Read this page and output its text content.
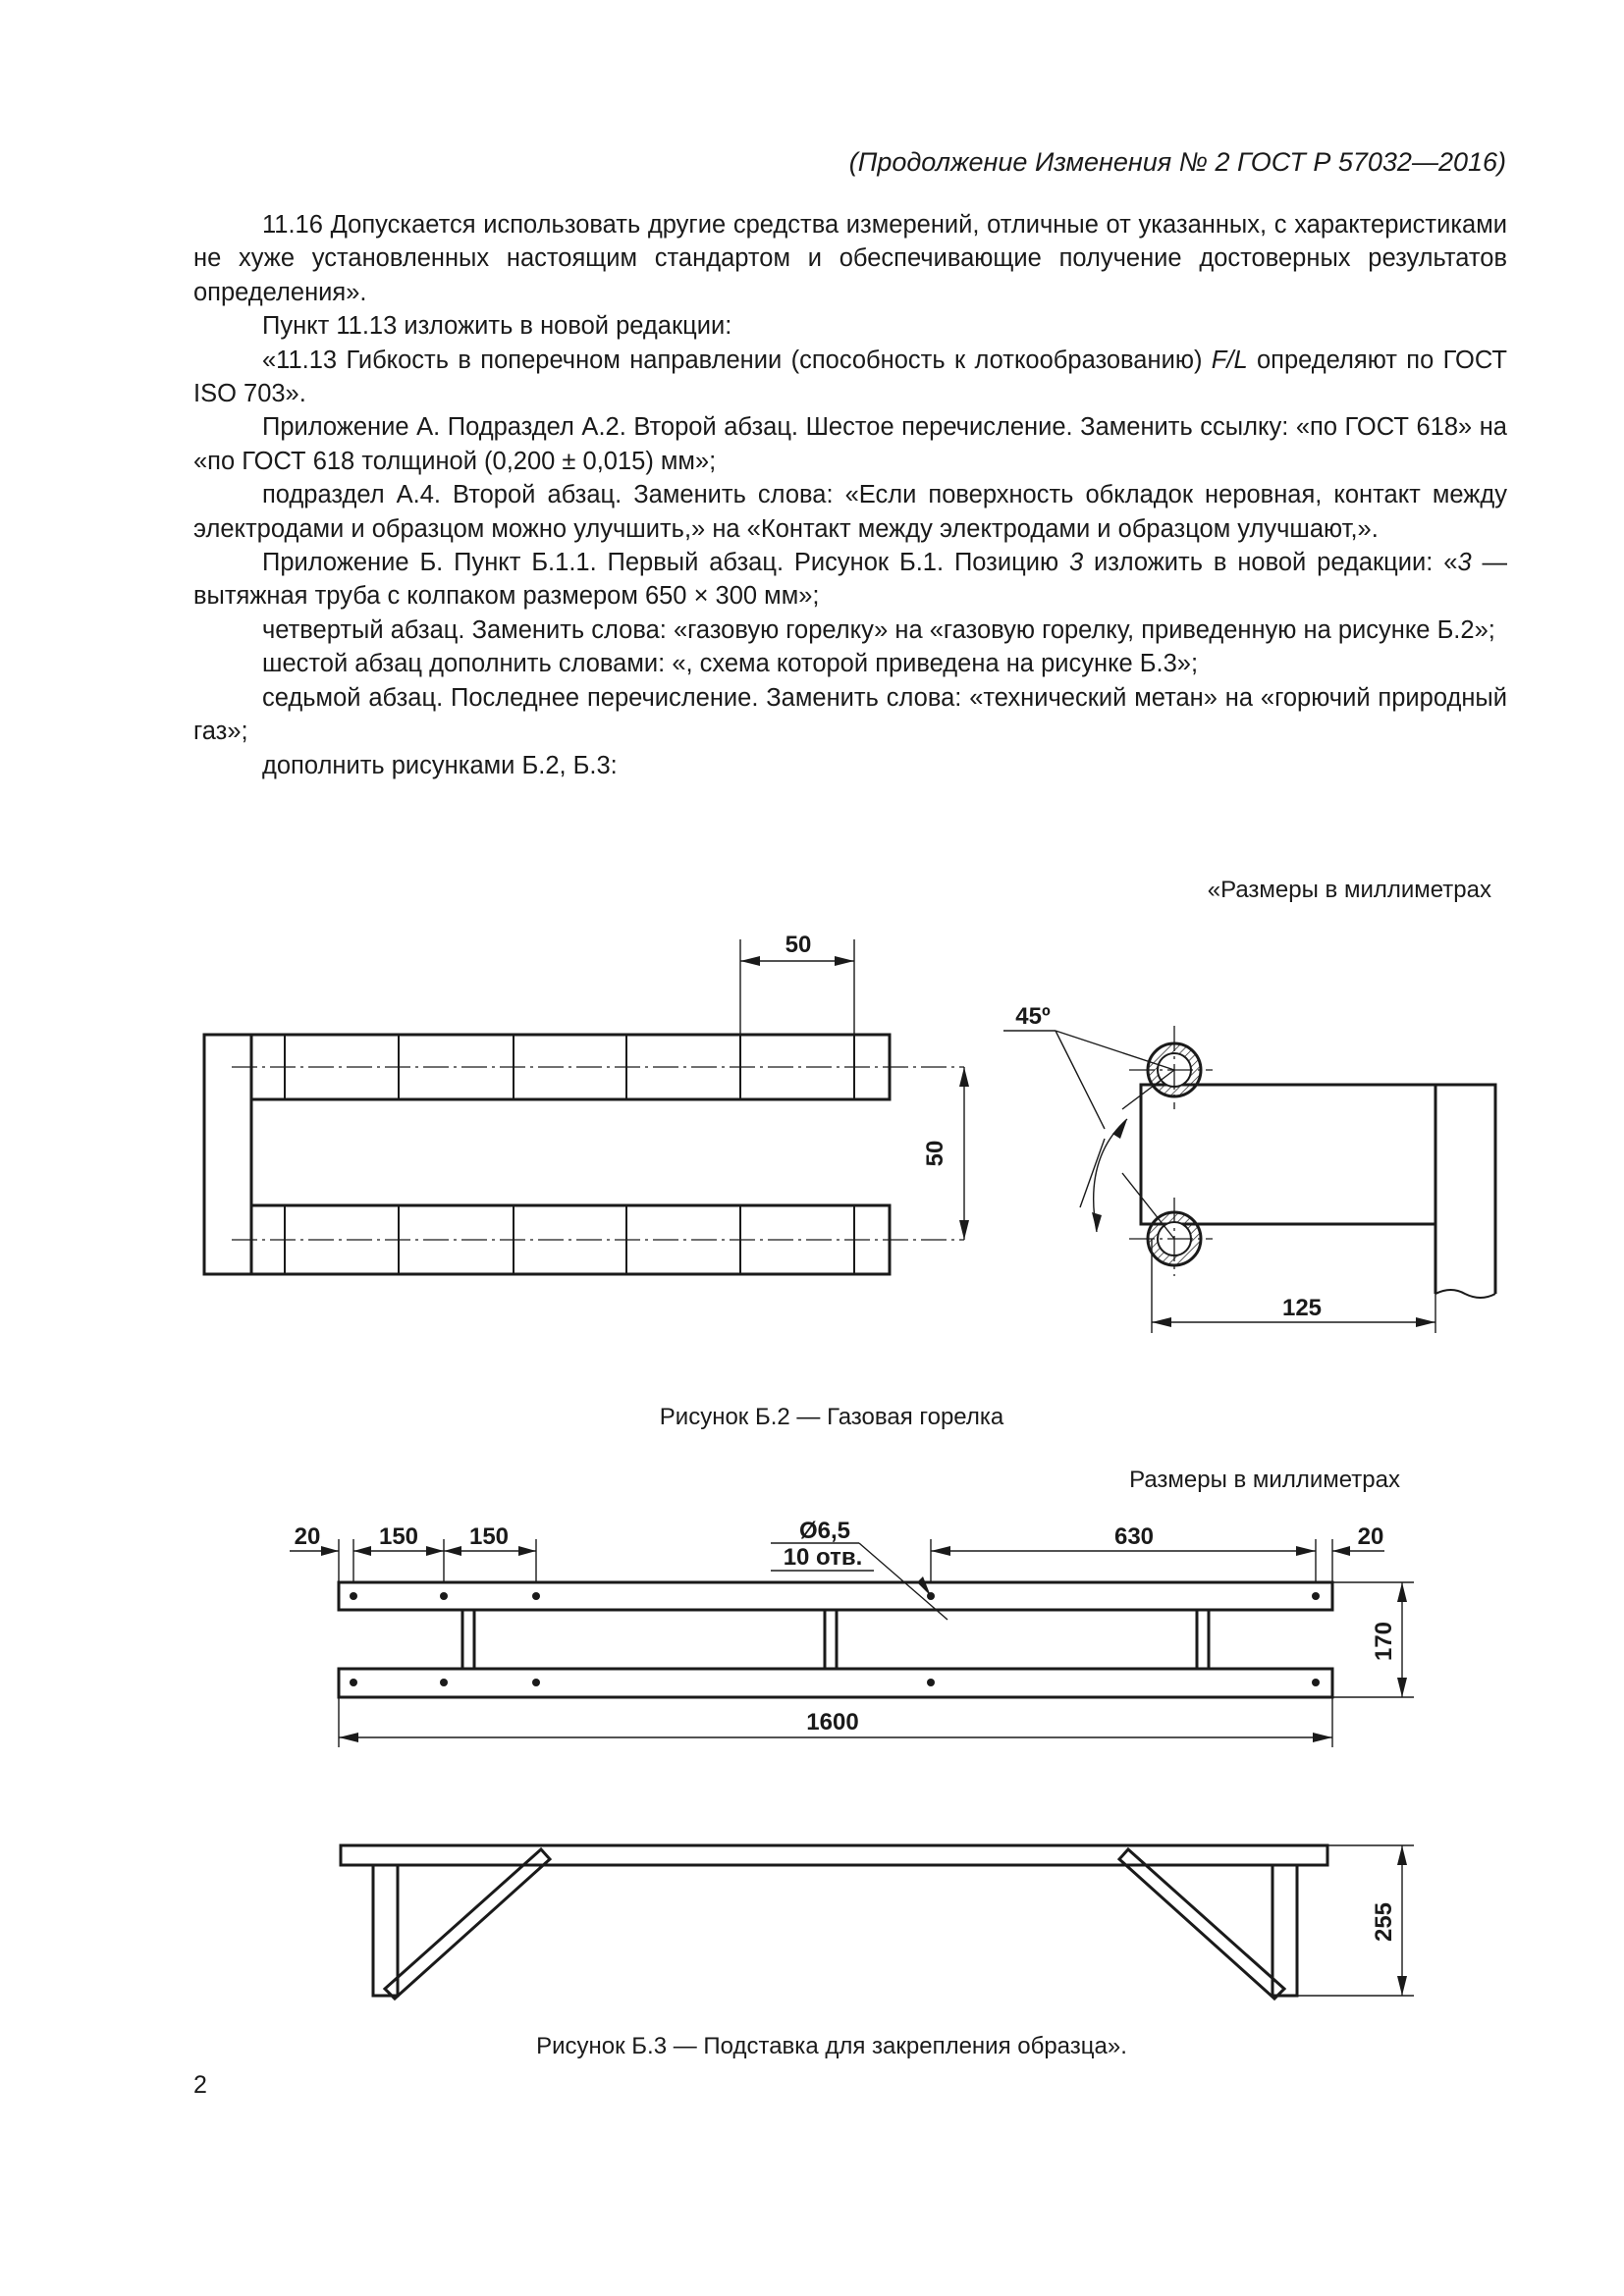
(Продолжение Изменения № 2 ГОСТ Р 57032—2016)

11.16 Допускается использовать другие средства измерений, отличные от указанных, с характеристиками не хуже установленных настоящим стандартом и обеспечивающие получение достоверных результатов определения».

Пункт 11.13 изложить в новой редакции:

«11.13 Гибкость в поперечном направлении (способность к лоткообразованию) F/L определяют по ГОСТ ISO 703».

Приложение А. Подраздел А.2. Второй абзац. Шестое перечисление. Заменить ссылку: «по ГОСТ 618» на «по ГОСТ 618 толщиной (0,200 ± 0,015) мм»;

подраздел А.4. Второй абзац. Заменить слова: «Если поверхность обкладок неровная, контакт между электродами и образцом можно улучшить,» на «Контакт между электродами и образцом улучшают,».

Приложение Б. Пункт Б.1.1. Первый абзац. Рисунок Б.1. Позицию 3 изложить в новой редакции: «3 — вытяжная труба с колпаком размером 650 × 300 мм»;

четвертый абзац. Заменить слова: «газовую горелку» на «газовую горелку, приведенную на рисунке Б.2»;

шестой абзац дополнить словами: «, схема которой приведена на рисунке Б.3»;

седьмой абзац. Последнее перечисление. Заменить слова: «технический метан» на «горючий природный газ»;

дополнить рисунками Б.2, Б.3:

«Размеры в миллиметрах
Рисунок Б.2 — Газовая горелка
Размеры в миллиметрах
Рисунок Б.3 — Подставка для закрепления образца».
2
50
50
45º
125
20 150 150	Ø6,5
10 отв.
630	20
170
1600
255
